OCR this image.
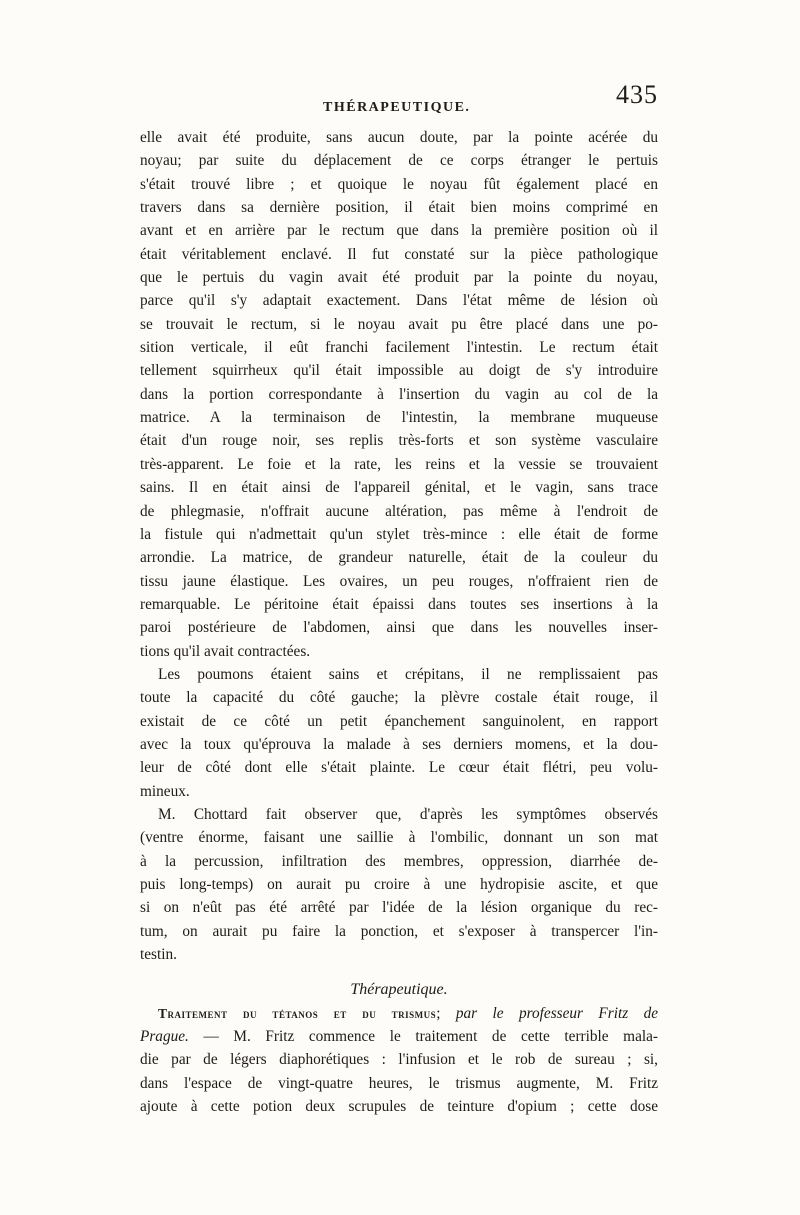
THÉRAPEUTIQUE.	435
elle avait été produite, sans aucun doute, par la pointe acérée du
noyau; par suite du déplacement de ce corps étranger le pertuis
s'était trouvé libre ; et quoique le noyau fût également placé en
travers dans sa dernière position, il était bien moins comprimé en
avant et en arrière par le rectum que dans la première position où il
était véritablement enclavé. Il fut constaté sur la pièce pathologique
que le pertuis du vagin avait été produit par la pointe du noyau,
parce qu'il s'y adaptait exactement. Dans l'état même de lésion où
se trouvait le rectum, si le noyau avait pu être placé dans une po-
sition verticale, il eût franchi facilement l'intestin. Le rectum était
tellement squirrheux qu'il était impossible au doigt de s'y introduire
dans la portion correspondante à l'insertion du vagin au col de la
matrice. A la terminaison de l'intestin, la membrane muqueuse
était d'un rouge noir, ses replis très-forts et son système vasculaire
très-apparent. Le foie et la rate, les reins et la vessie se trouvaient
sains. Il en était ainsi de l'appareil génital, et le vagin, sans trace
de phlegmasie, n'offrait aucune altération, pas même à l'endroit de
la fistule qui n'admettait qu'un stylet très-mince : elle était de forme
arrondie. La matrice, de grandeur naturelle, était de la couleur du
tissu jaune élastique. Les ovaires, un peu rouges, n'offraient rien de
remarquable. Le péritoine était épaissi dans toutes ses insertions à la
paroi postérieure de l'abdomen, ainsi que dans les nouvelles inser-
tions qu'il avait contractées.
Les poumons étaient sains et crépitans, il ne remplissaient pas
toute la capacité du côté gauche; la plèvre costale était rouge, il
existait de ce côté un petit épanchement sanguinolent, en rapport
avec la toux qu'éprouva la malade à ses derniers momens, et la dou-
leur de côté dont elle s'était plainte. Le cœur était flétri, peu volu-
mineux.
M. Chottard fait observer que, d'après les symptômes observés
(ventre énorme, faisant une saillie à l'ombilic, donnant un son mat
à la percussion, infiltration des membres, oppression, diarrhée de-
puis long-temps) on aurait pu croire à une hydropisie ascite, et que
si on n'eût pas été arrêté par l'idée de la lésion organique du rec-
tum, on aurait pu faire la ponction, et s'exposer à transpercer l'in-
testin.
Thérapeutique.
Traitement du tétanos et du trismus; par le professeur Fritz de
Prague. — M. Fritz commence le traitement de cette terrible mala-
die par de légers diaphorétiques : l'infusion et le rob de sureau ; si,
dans l'espace de vingt-quatre heures, le trismus augmente, M. Fritz
ajoute à cette potion deux scrupules de teinture d'opium ; cette dose
